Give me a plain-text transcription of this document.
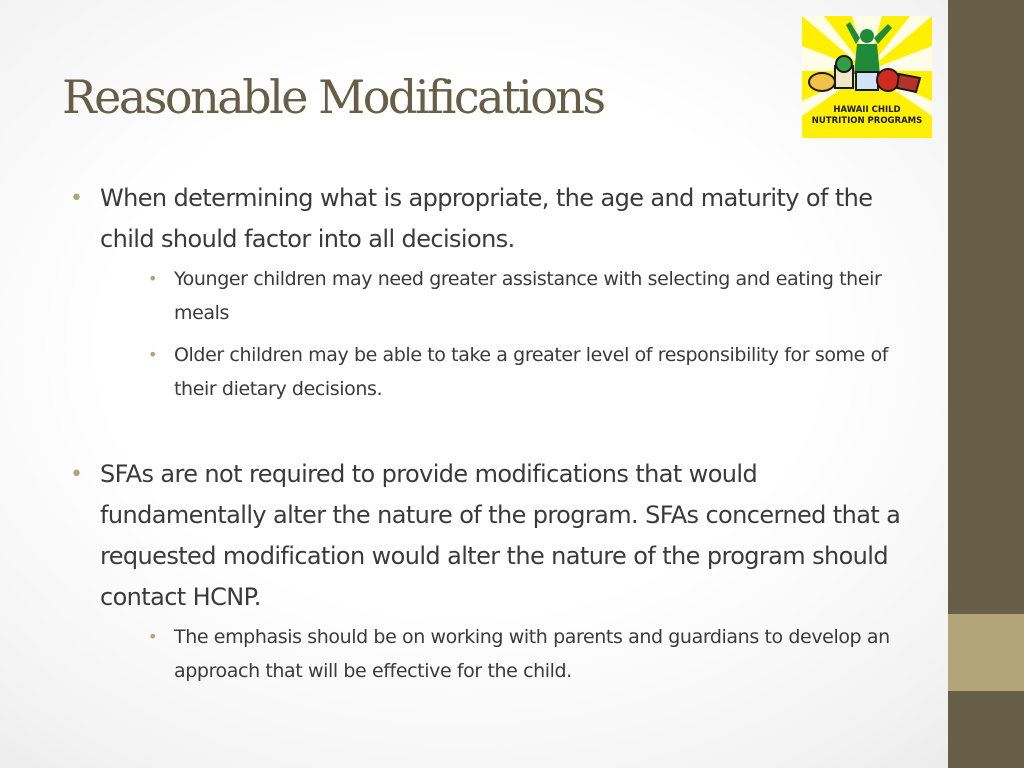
Reasonable Modifications	HAWAII CHILD
NUTRITION PROGRAMS
• When determining what is appropriate, the age and maturity of the child should factor into all decisions.
• Younger children may need greater assistance with selecting and eating their meals
• Older children may be able to take a greater level of responsibility for some of their dietary decisions.
• SFAs are not required to provide modifications that would fundamentally alter the nature of the program. SFAs concerned that a requested modification would alter the nature of the program should contact HCNP.
• The emphasis should be on working with parents and guardians to develop an approach that will be effective for the child.
